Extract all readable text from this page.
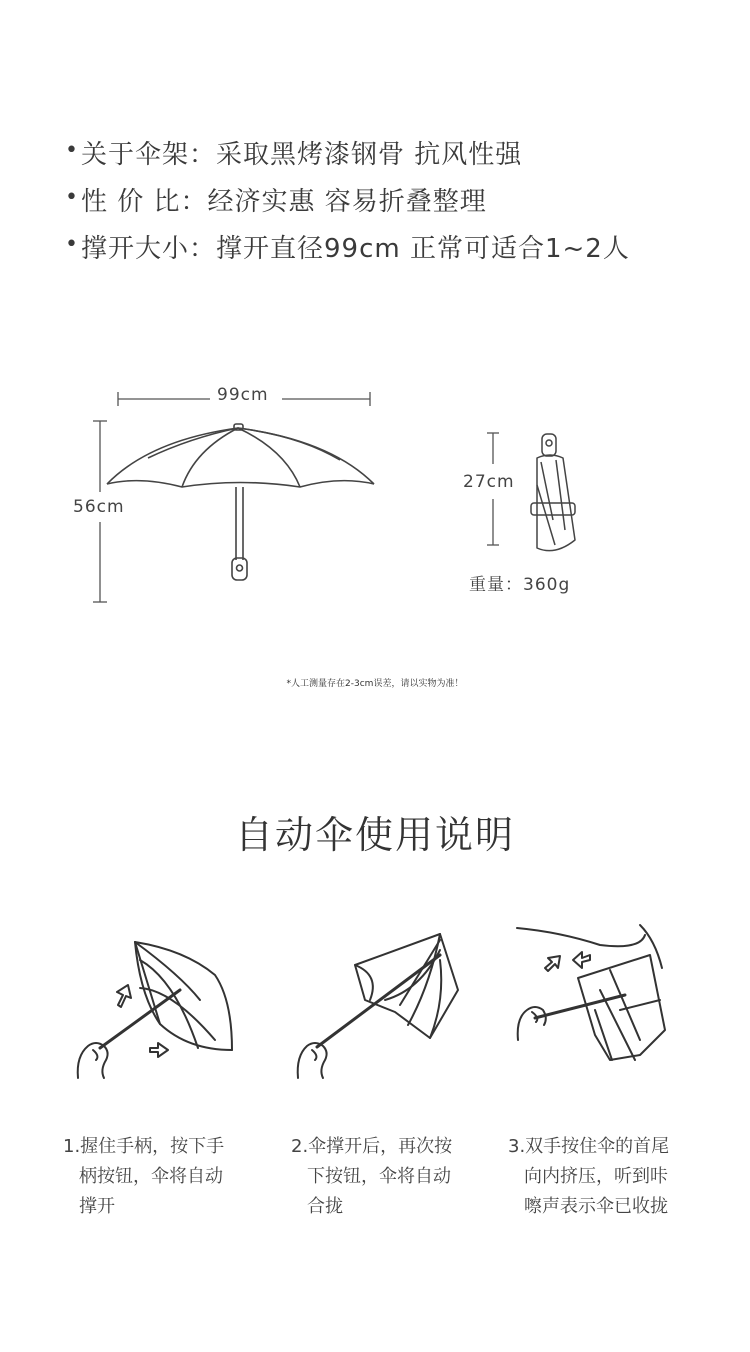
•关于伞架：采取黑烤漆钢骨 抗风性强
•性 价 比：经济实惠 容易折叠整理
•撑开大小：撑开直径99cm 正常可适合1~2人
99cm
56cm
27cm
重量：360g
*人工测量存在2-3cm误差，请以实物为准！
自动伞使用说明
1.握住手柄，按下手
柄按钮，伞将自动
撑开
2.伞撑开后，再次按
下按钮，伞将自动
合拢
3.双手按住伞的首尾
向内挤压，听到咔
嚓声表示伞已收拢
